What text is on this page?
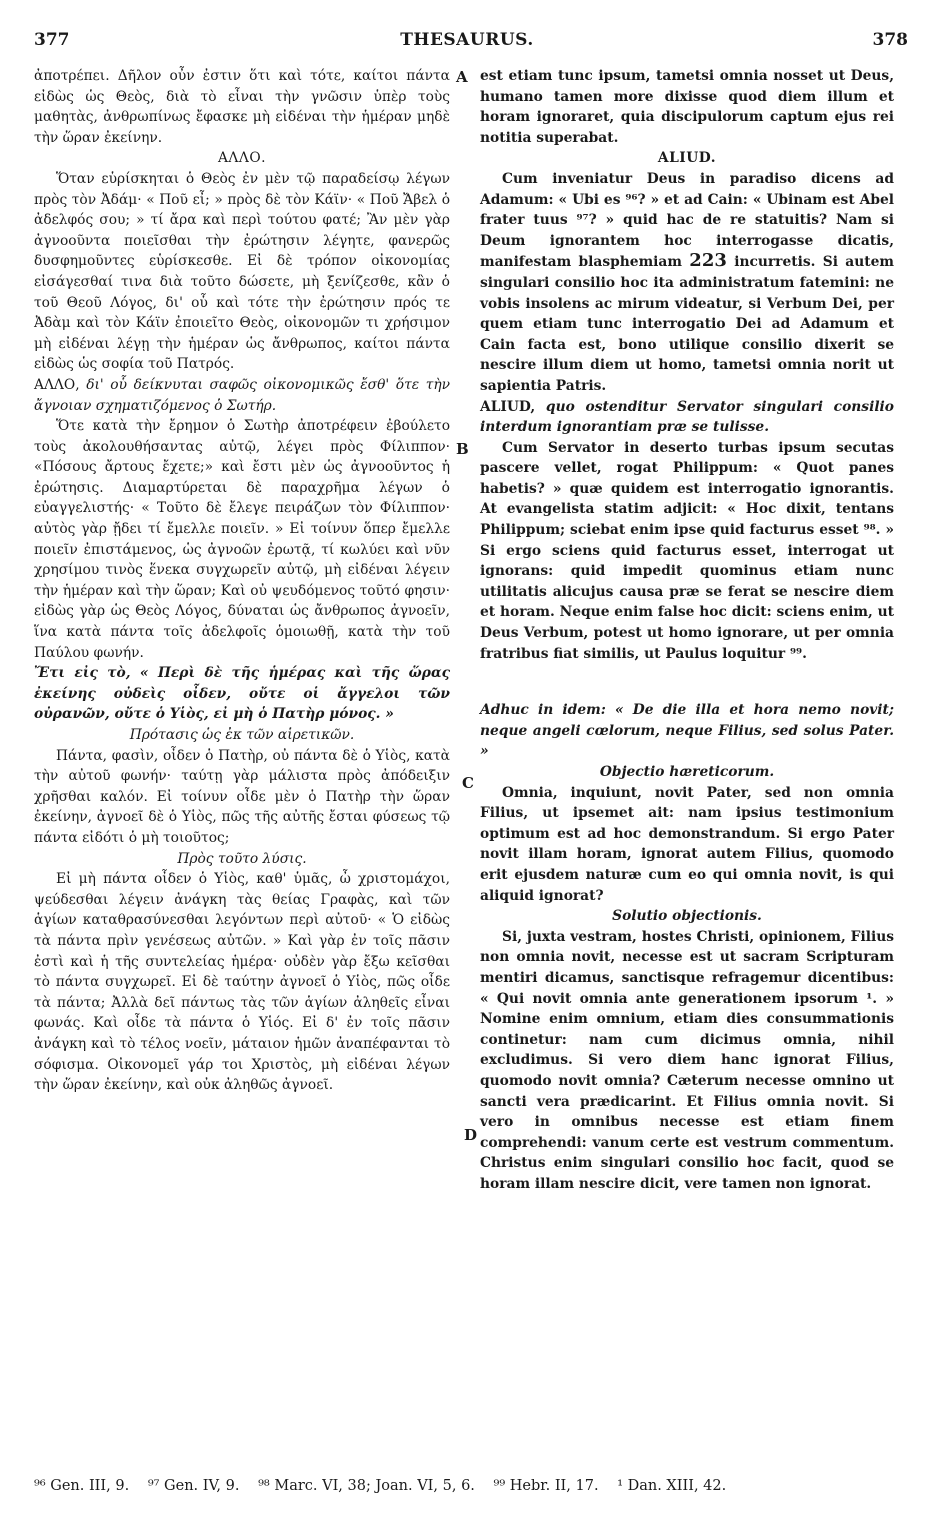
THESAURUS.
377	378
A
B
C
D

ἀποτρέπει. Δῆλον οὖν ἐστιν ὅτι καὶ τότε, καίτοι πάντα εἰδὼς ὡς Θεὸς, διὰ τὸ εἶναι τὴν γνῶσιν ὑπὲρ τοὺς μαθητὰς, ἀνθρωπίνως ἔφασκε μὴ εἰδέναι τὴν ἡμέραν μηδὲ τὴν ὥραν ἐκείνην.

ΑΛΛΟ.

Ὅταν εὑρίσκηται ὁ Θεὸς ἐν μὲν τῷ παραδείσῳ λέγων πρὸς τὸν Ἀδάμ· « Ποῦ εἶ; » πρὸς δὲ τὸν Κάϊν· « Ποῦ Ἄβελ ὁ ἀδελφός σου; » τί ἄρα καὶ περὶ τούτου φατέ; Ἂν μὲν γὰρ ἀγνοοῦντα ποιεῖσθαι τὴν ἐρώτησιν λέγητε, φανερῶς δυσφημοῦντες εὑρίσκεσθε. Εἰ δὲ τρόπον οἰκονομίας εἰσάγεσθαί τινα διὰ τοῦτο δώσετε, μὴ ξενίζεσθε, κἂν ὁ τοῦ Θεοῦ Λόγος, δι' οὗ καὶ τότε τὴν ἐρώτησιν πρός τε Ἀδὰμ καὶ τὸν Κάϊν ἐποιεῖτο Θεὸς, οἰκονομῶν τι χρήσιμον μὴ εἰδέναι λέγῃ τὴν ἡμέραν ὡς ἄνθρωπος, καίτοι πάντα εἰδὼς ὡς σοφία τοῦ Πατρός.

ΑΛΛΟ, δι' οὗ δείκνυται σαφῶς οἰκονομικῶς ἔσθ' ὅτε τὴν ἄγνοιαν σχηματιζόμενος ὁ Σωτήρ.

Ὅτε κατὰ τὴν ἔρημον ὁ Σωτὴρ ἀποτρέφειν ἐβούλετο τοὺς ἀκολουθήσαντας αὐτῷ, λέγει πρὸς Φίλιππον· «Πόσους ἄρτους ἔχετε;» καὶ ἔστι μὲν ὡς ἀγνοοῦντος ἡ ἐρώτησις. Διαμαρτύρεται δὲ παραχρῆμα λέγων ὁ εὐαγγελιστής· « Τοῦτο δὲ ἔλεγε πειράζων τὸν Φίλιππον· αὐτὸς γὰρ ᾔδει τί ἔμελλε ποιεῖν. » Εἰ τοίνυν ὅπερ ἔμελλε ποιεῖν ἐπιστάμενος, ὡς ἀγνοῶν ἐρωτᾷ, τί κωλύει καὶ νῦν χρησίμου τινὸς ἕνεκα συγχωρεῖν αὐτῷ, μὴ εἰδέναι λέγειν τὴν ἡμέραν καὶ τὴν ὥραν; Καὶ οὐ ψευδόμενος τοῦτό φησιν· εἰδὼς γὰρ ὡς Θεὸς Λόγος, δύναται ὡς ἄνθρωπος ἀγνοεῖν, ἵνα κατὰ πάντα τοῖς ἀδελφοῖς ὁμοιωθῇ, κατὰ τὴν τοῦ Παύλου φωνήν.

Ἔτι εἰς τὸ, « Περὶ δὲ τῆς ἡμέρας καὶ τῆς ὥρας ἐκείνης οὐδεὶς οἶδεν, οὔτε οἱ ἄγγελοι τῶν οὐρανῶν, οὔτε ὁ Υἱὸς, εἰ μὴ ὁ Πατὴρ μόνος. »

Πρότασις ὡς ἐκ τῶν αἱρετικῶν.

Πάντα, φασὶν, οἶδεν ὁ Πατὴρ, οὐ πάντα δὲ ὁ Υἱὸς, κατὰ τὴν αὐτοῦ φωνήν· ταύτῃ γὰρ μάλιστα πρὸς ἀπόδειξιν χρῆσθαι καλόν. Εἰ τοίνυν οἶδε μὲν ὁ Πατὴρ τὴν ὥραν ἐκείνην, ἀγνοεῖ δὲ ὁ Υἱὸς, πῶς τῆς αὐτῆς ἔσται φύσεως τῷ πάντα εἰδότι ὁ μὴ τοιοῦτος;

Πρὸς τοῦτο λύσις.

Εἰ μὴ πάντα οἶδεν ὁ Υἱὸς, καθ' ὑμᾶς, ὦ χριστομάχοι, ψεύδεσθαι λέγειν ἀνάγκη τὰς θείας Γραφὰς, καὶ τῶν ἁγίων καταθρασύνεσθαι λεγόντων περὶ αὐτοῦ· « Ὁ εἰδὼς τὰ πάντα πρὶν γενέσεως αὐτῶν. » Καὶ γὰρ ἐν τοῖς πᾶσιν ἐστὶ καὶ ἡ τῆς συντελείας ἡμέρα· οὐδὲν γὰρ ἔξω κεῖσθαι τὸ πάντα συγχωρεῖ. Εἰ δὲ ταύτην ἀγνοεῖ ὁ Υἱὸς, πῶς οἶδε τὰ πάντα; Ἀλλὰ δεῖ πάντως τὰς τῶν ἁγίων ἀληθεῖς εἶναι φωνάς. Καὶ οἶδε τὰ πάντα ὁ Υἱός. Εἰ δ' ἐν τοῖς πᾶσιν ἀνάγκη καὶ τὸ τέλος νοεῖν, μάταιον ἡμῶν ἀναπέφανται τὸ σόφισμα. Οἰκονομεῖ γάρ τοι Χριστὸς, μὴ εἰδέναι λέγων τὴν ὥραν ἐκείνην, καὶ οὐκ ἀληθῶς ἀγνοεῖ.

est etiam tunc ipsum, tametsi omnia nosset ut Deus, humano tamen more dixisse quod diem illum et horam ignoraret, quia discipulorum captum ejus rei notitia superabat.

ALIUD.

Cum inveniatur Deus in paradiso dicens ad Adamum: « Ubi es ⁹⁶? » et ad Cain: « Ubinam est Abel frater tuus ⁹⁷? » quid hac de re statuitis? Nam si Deum ignorantem hoc interrogasse dicatis, manifestam blasphemiam 223 incurretis. Si autem singulari consilio hoc ita administratum fatemini: ne vobis insolens ac mirum videatur, si Verbum Dei, per quem etiam tunc interrogatio Dei ad Adamum et Cain facta est, bono utilique consilio dixerit se nescire illum diem ut homo, tametsi omnia norit ut sapientia Patris.

ALIUD, quo ostenditur Servator singulari consilio interdum ignorantiam præ se tulisse.

Cum Servator in deserto turbas ipsum secutas pascere vellet, rogat Philippum: « Quot panes habetis? » quæ quidem est interrogatio ignorantis. At evangelista statim adjicit: « Hoc dixit, tentans Philippum; sciebat enim ipse quid facturus esset ⁹⁸. » Si ergo sciens quid facturus esset, interrogat ut ignorans: quid impedit quominus etiam nunc utilitatis alicujus causa præ se ferat se nescire diem et horam. Neque enim false hoc dicit: sciens enim, ut Deus Verbum, potest ut homo ignorare, ut per omnia fratribus fiat similis, ut Paulus loquitur ⁹⁹.

Adhuc in idem: « De die illa et hora nemo novit; neque angeli cœlorum, neque Filius, sed solus Pater. »

Objectio hæreticorum.

Omnia, inquiunt, novit Pater, sed non omnia Filius, ut ipsemet ait: nam ipsius testimonium optimum est ad hoc demonstrandum. Si ergo Pater novit illam horam, ignorat autem Filius, quomodo erit ejusdem naturæ cum eo qui omnia novit, is qui aliquid ignorat?

Solutio objectionis.

Si, juxta vestram, hostes Christi, opinionem, Filius non omnia novit, necesse est ut sacram Scripturam mentiri dicamus, sanctisque refragemur dicentibus: « Qui novit omnia ante generationem ipsorum ¹. » Nomine enim omnium, etiam dies consummationis continetur: nam cum dicimus omnia, nihil excludimus. Si vero diem hanc ignorat Filius, quomodo novit omnia? Cæterum necesse omnino ut sancti vera prædicarint. Et Filius omnia novit. Si vero in omnibus necesse est etiam finem comprehendi: vanum certe est vestrum commentum. Christus enim singulari consilio hoc facit, quod se horam illam nescire dicit, vere tamen non ignorat.

⁹⁶ Gen. III, 9. ⁹⁷ Gen. IV, 9. ⁹⁸ Marc. VI, 38; Joan. VI, 5, 6. ⁹⁹ Hebr. II, 17. ¹ Dan. XIII, 42.
